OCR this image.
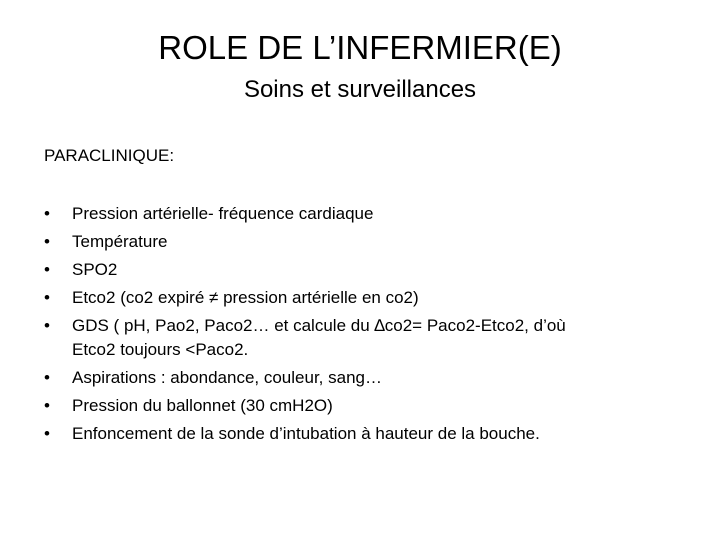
ROLE DE L’INFERMIER(E)
Soins et surveillances
PARACLINIQUE:
•	Pression artérielle- fréquence cardiaque
•	Température
•	SPO2
•	Etco2 (co2 expiré ≠ pression artérielle en co2)
•	GDS ( pH, Pao2, Paco2… et calcule du ∆co2= Paco2-Etco2, d’où
Etco2 toujours <Paco2.
•	Aspirations : abondance, couleur, sang…
•	Pression du ballonnet (30 cmH2O)
•	Enfoncement de la sonde d’intubation à hauteur de la bouche.
